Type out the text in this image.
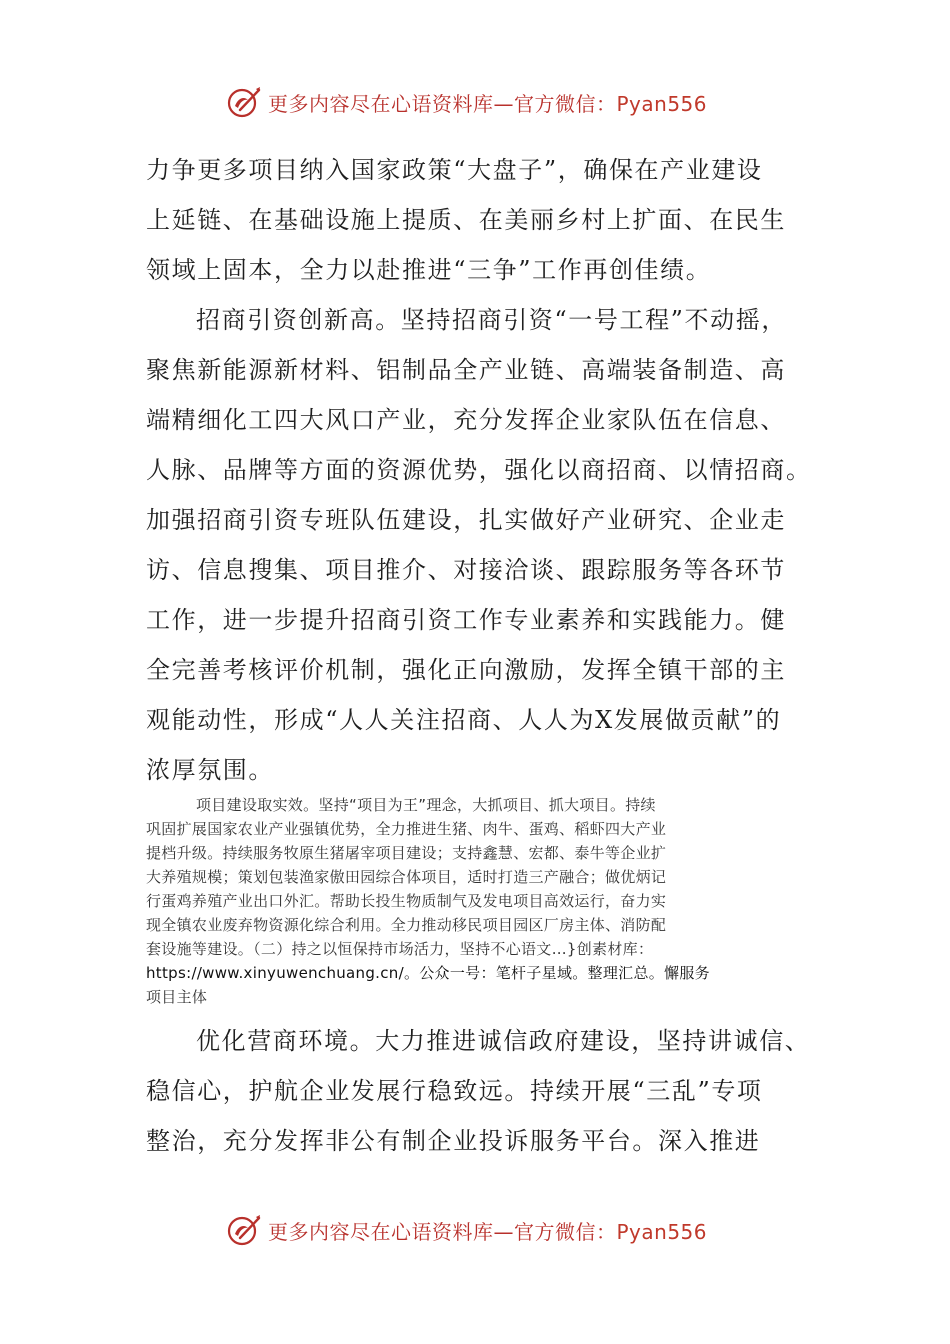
更多内容尽在心语资料库—官方微信：Pyan556
力争更多项目纳入国家政策“大盘子”，确保在产业建设
上延链、在基础设施上提质、在美丽乡村上扩面、在民生
领域上固本，全力以赴推进“三争”工作再创佳绩。
招商引资创新高。坚持招商引资“一号工程”不动摇，
聚焦新能源新材料、铝制品全产业链、高端装备制造、高
端精细化工四大风口产业，充分发挥企业家队伍在信息、
人脉、品牌等方面的资源优势，强化以商招商、以情招商。
加强招商引资专班队伍建设，扎实做好产业研究、企业走
访、信息搜集、项目推介、对接洽谈、跟踪服务等各环节
工作，进一步提升招商引资工作专业素养和实践能力。健
全完善考核评价机制，强化正向激励，发挥全镇干部的主
观能动性，形成“人人关注招商、人人为X发展做贡献”的
浓厚氛围。
项目建设取实效。坚持“项目为王”理念，大抓项目、抓大项目。持续
巩固扩展国家农业产业强镇优势，全力推进生猪、肉牛、蛋鸡、稻虾四大产业
提档升级。持续服务牧原生猪屠宰项目建设；支持鑫慧、宏都、泰牛等企业扩
大养殖规模；策划包装渔家傲田园综合体项目，适时打造三产融合；做优炳记
行蛋鸡养殖产业出口外汇。帮助长投生物质制气及发电项目高效运行，奋力实
现全镇农业废弃物资源化综合利用。全力推动移民项目园区厂房主体、消防配
套设施等建设。（二）持之以恒保持市场活力，坚持不心语文…}创素材库：
https://www.xinyuwenchuang.cn/。公众一号：笔杆子星域。整理汇总。懈服务
项目主体
优化营商环境。大力推进诚信政府建设，坚持讲诚信、
稳信心，护航企业发展行稳致远。持续开展“三乱”专项
整治，充分发挥非公有制企业投诉服务平台。深入推进
更多内容尽在心语资料库—官方微信：Pyan556
